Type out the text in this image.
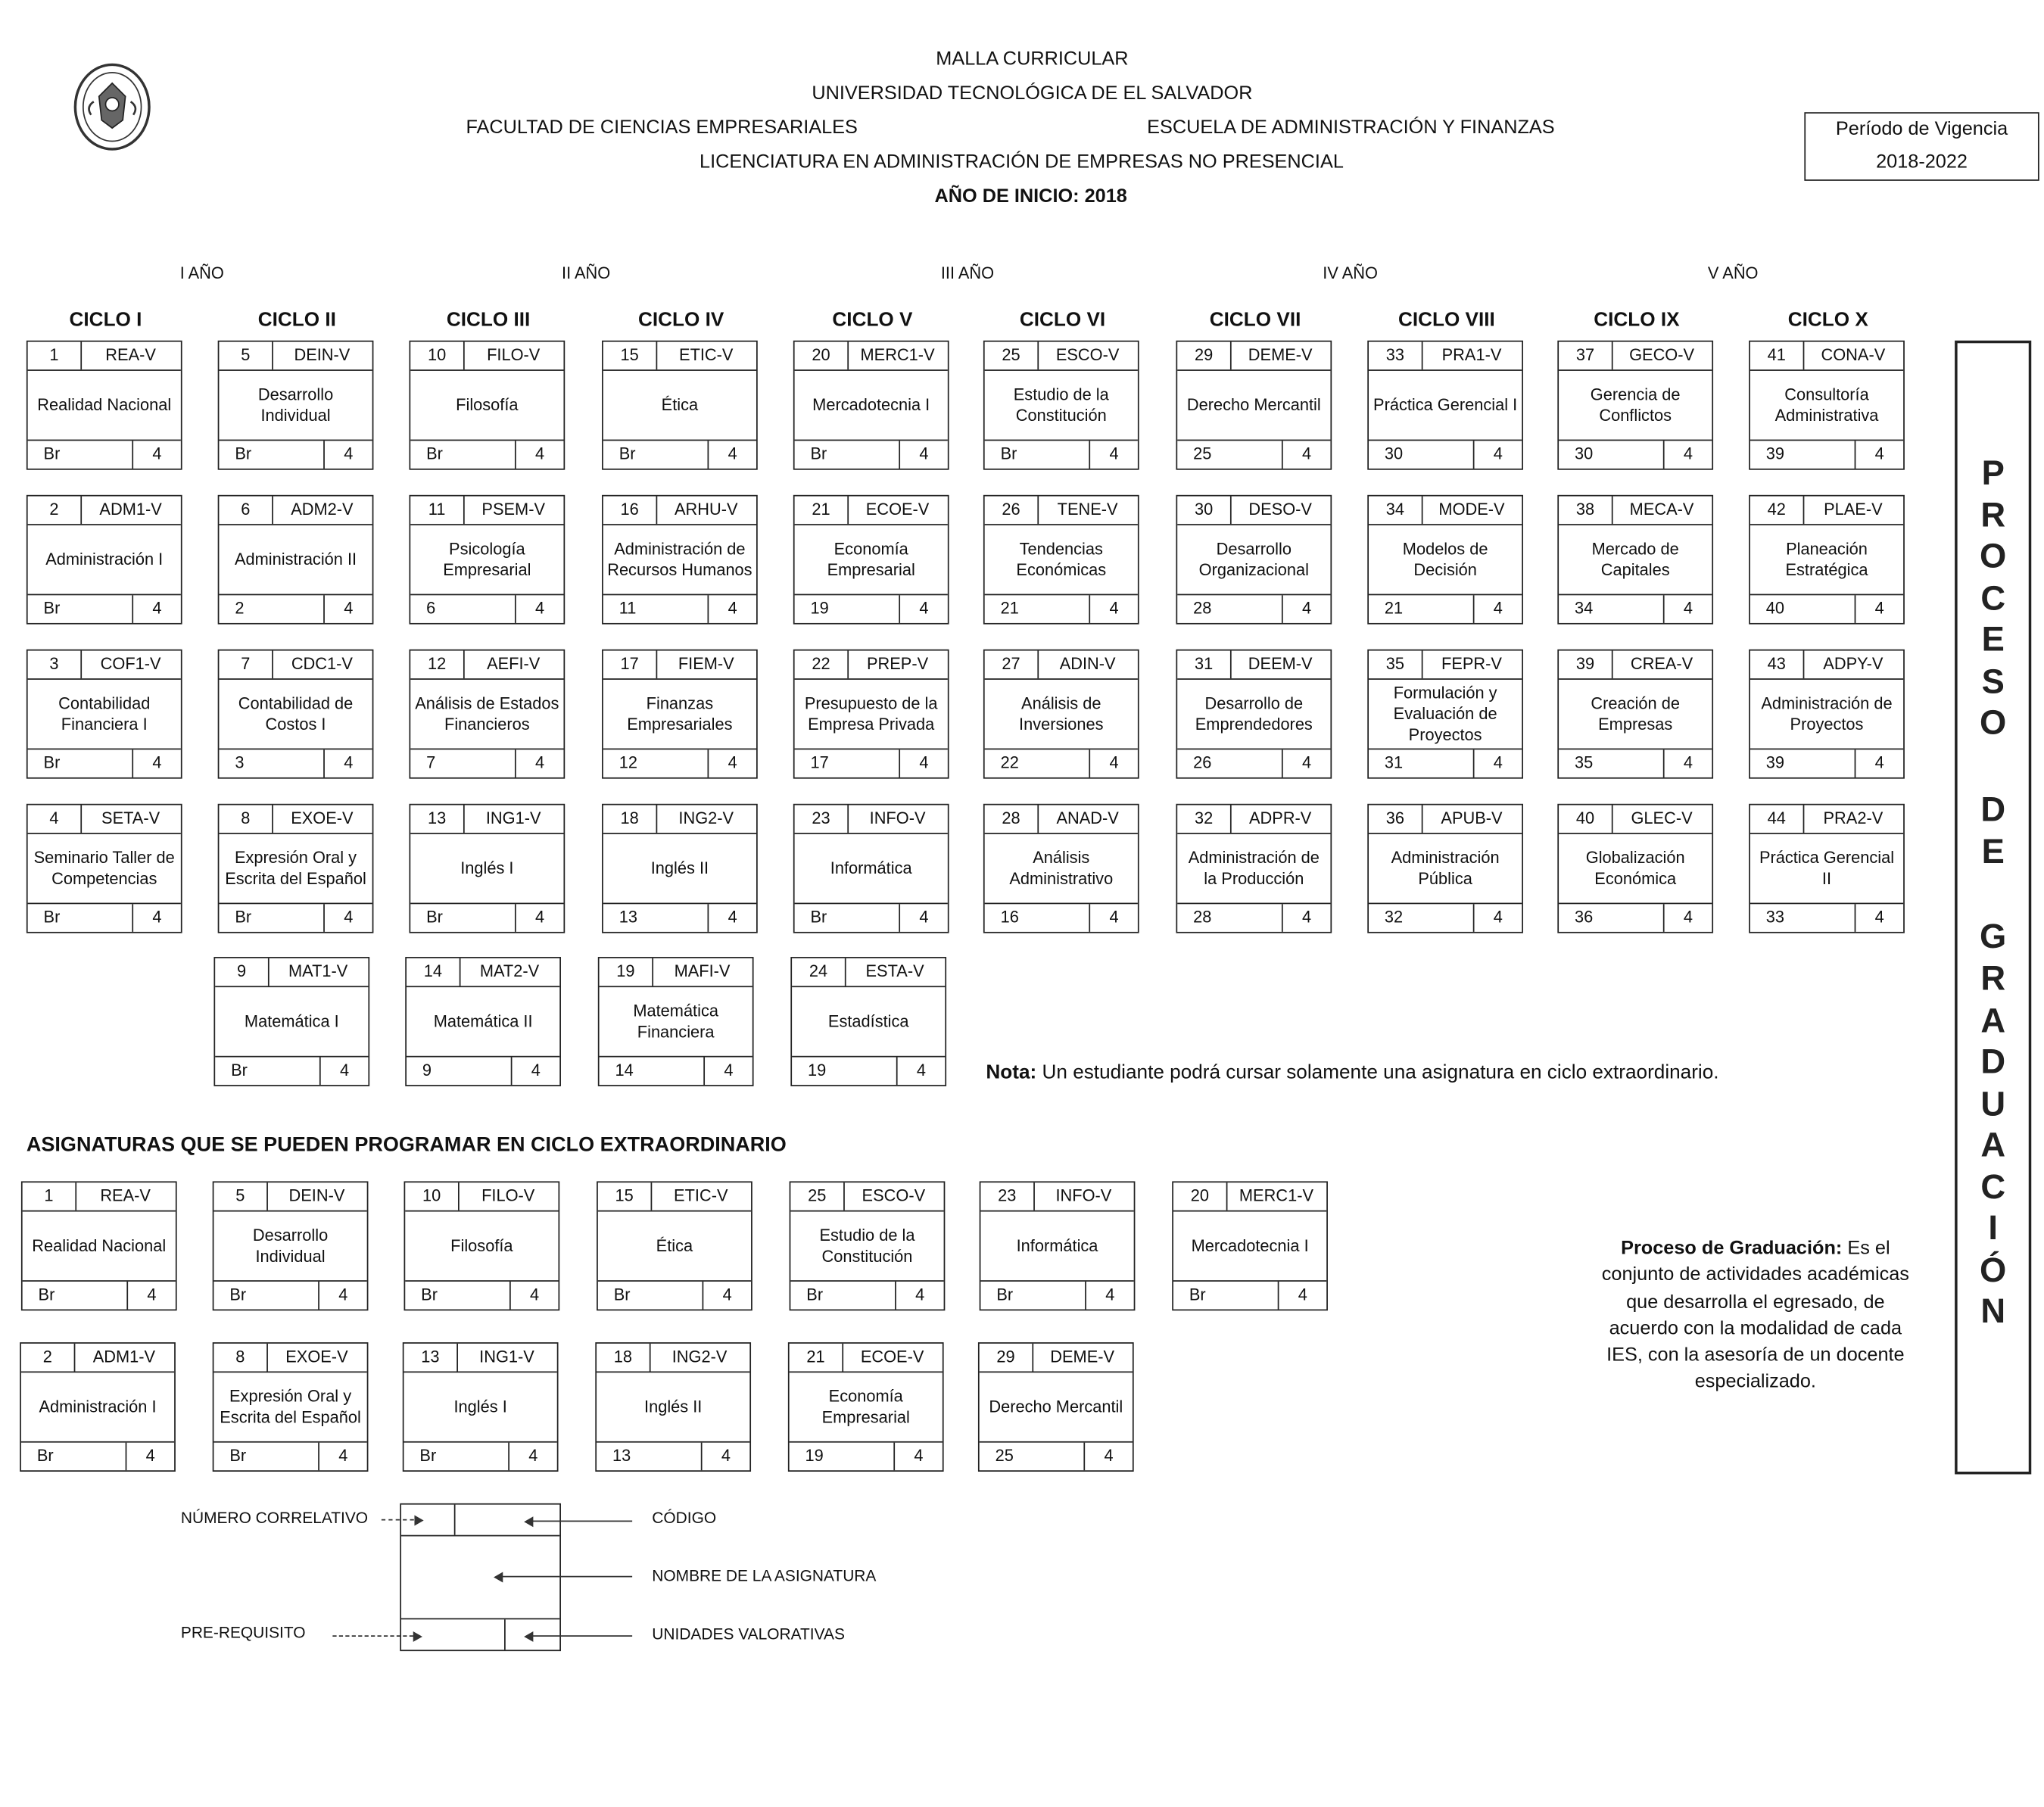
MALLA CURRICULAR
UNIVERSIDAD TECNOLÓGICA DE EL SALVADOR
FACULTAD DE CIENCIAS EMPRESARIALES	ESCUELA DE ADMINISTRACIÓN Y FINANZAS
LICENCIATURA EN ADMINISTRACIÓN DE EMPRESAS NO PRESENCIAL
AÑO DE INICIO: 2018
Período de Vigencia
2018-2022
I AÑO	II AÑO	III AÑO	IV AÑO	V AÑO
CICLO I	CICLO II	CICLO III	CICLO IV	CICLO V	CICLO VI	CICLO VII	CICLO VIII	CICLO IX	CICLO X
1	REA-V
Realidad Nacional
Br	4
5	DEIN-V
Desarrollo Individual
Br	4
10	FILO-V
Filosofía
Br	4
15	ETIC-V
Ética
Br	4
20	MERC1-V
Mercadotecnia I
Br	4
25	ESCO-V
Estudio de la Constitución
Br	4
29	DEME-V
Derecho Mercantil
25	4
33	PRA1-V
Práctica Gerencial I
30	4
37	GECO-V
Gerencia de Conflictos
30	4
41	CONA-V
Consultoría Administrativa
39	4
2	ADM1-V
Administración I
Br	4
6	ADM2-V
Administración II
2	4
11	PSEM-V
Psicología Empresarial
6	4
16	ARHU-V
Administración de Recursos Humanos
11	4
21	ECOE-V
Economía Empresarial
19	4
26	TENE-V
Tendencias Económicas
21	4
30	DESO-V
Desarrollo Organizacional
28	4
34	MODE-V
Modelos de Decisión
21	4
38	MECA-V
Mercado de Capitales
34	4
42	PLAE-V
Planeación Estratégica
40	4
3	COF1-V
Contabilidad Financiera I
Br	4
7	CDC1-V
Contabilidad de Costos I
3	4
12	AEFI-V
Análisis de Estados Financieros
7	4
17	FIEM-V
Finanzas Empresariales
12	4
22	PREP-V
Presupuesto de la Empresa Privada
17	4
27	ADIN-V
Análisis de Inversiones
22	4
31	DEEM-V
Desarrollo de Emprendedores
26	4
35	FEPR-V
Formulación y Evaluación de Proyectos
31	4
39	CREA-V
Creación de Empresas
35	4
43	ADPY-V
Administración de Proyectos
39	4
4	SETA-V
Seminario Taller de Competencias
Br	4
8	EXOE-V
Expresión Oral y Escrita del Español
Br	4
13	ING1-V
Inglés I
Br	4
18	ING2-V
Inglés II
13	4
23	INFO-V
Informática
Br	4
28	ANAD-V
Análisis Administrativo
16	4
32	ADPR-V
Administración de la Producción
28	4
36	APUB-V
Administración Pública
32	4
40	GLEC-V
Globalización Económica
36	4
44	PRA2-V
Práctica Gerencial II
33	4
9	MAT1-V
Matemática I
Br	4
14	MAT2-V
Matemática II
9	4
19	MAFI-V
Matemática Financiera
14	4
24	ESTA-V
Estadística
19	4	Nota: Un estudiante podrá cursar solamente una asignatura en ciclo extraordinario.
ASIGNATURAS QUE SE PUEDEN PROGRAMAR EN CICLO EXTRAORDINARIO
1	REA-V
Realidad Nacional
Br	4
5	DEIN-V
Desarrollo Individual
Br	4
10	FILO-V
Filosofía
Br	4
15	ETIC-V
Ética
Br	4
25	ESCO-V
Estudio de la Constitución
Br	4
23	INFO-V
Informática
Br	4
20	MERC1-V
Mercadotecnia I
Br	4
2	ADM1-V
Administración I
Br	4
8	EXOE-V
Expresión Oral y Escrita del Español
Br	4
13	ING1-V
Inglés I
Br	4
18	ING2-V
Inglés II
13	4
21	ECOE-V
Economía Empresarial
19	4
29	DEME-V
Derecho Mercantil
25	4
Proceso de Graduación: Es el conjunto de actividades académicas que desarrolla el egresado, de acuerdo con la modalidad de cada IES, con la asesoría de un docente especializado.
P
R
O
C
E
S
O
D
E
G
R
A
D
U
A
C
I
Ó
N
NÚMERO CORRELATIVO	CÓDIGO
NOMBRE DE LA ASIGNATURA
PRE-REQUISITO	UNIDADES VALORATIVAS
